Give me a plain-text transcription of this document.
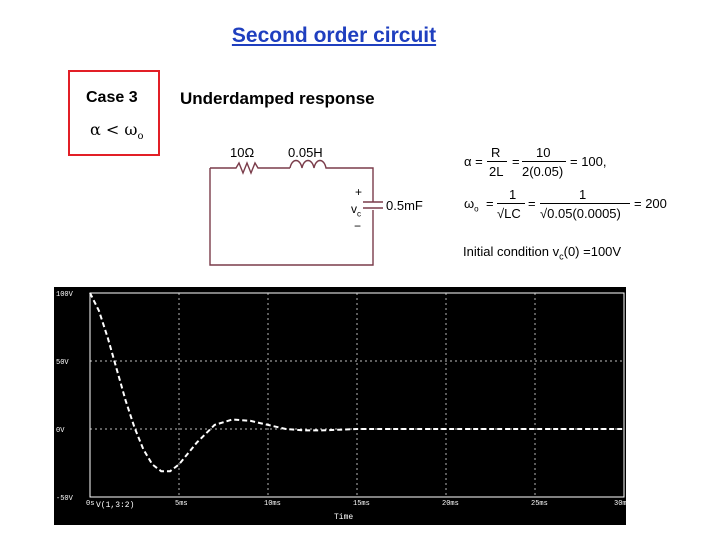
Second order circuit
Case 3
$\alpha < \omega_o$
Underdamped response
10Ω	0.05H
0.5mF
+
$v_c$
−
α =
R
2L
=
10
2(0.05)
= 100,
$\omega_o$ =
1
√LC
=
1
√0.05(0.0005)
= 200
Initial condition $v_c(0) =100V$
100V
50V
0V
-50V
0s	5ms	10ms	15ms	20ms	25ms	30ms
V(1,3:2)
Time
